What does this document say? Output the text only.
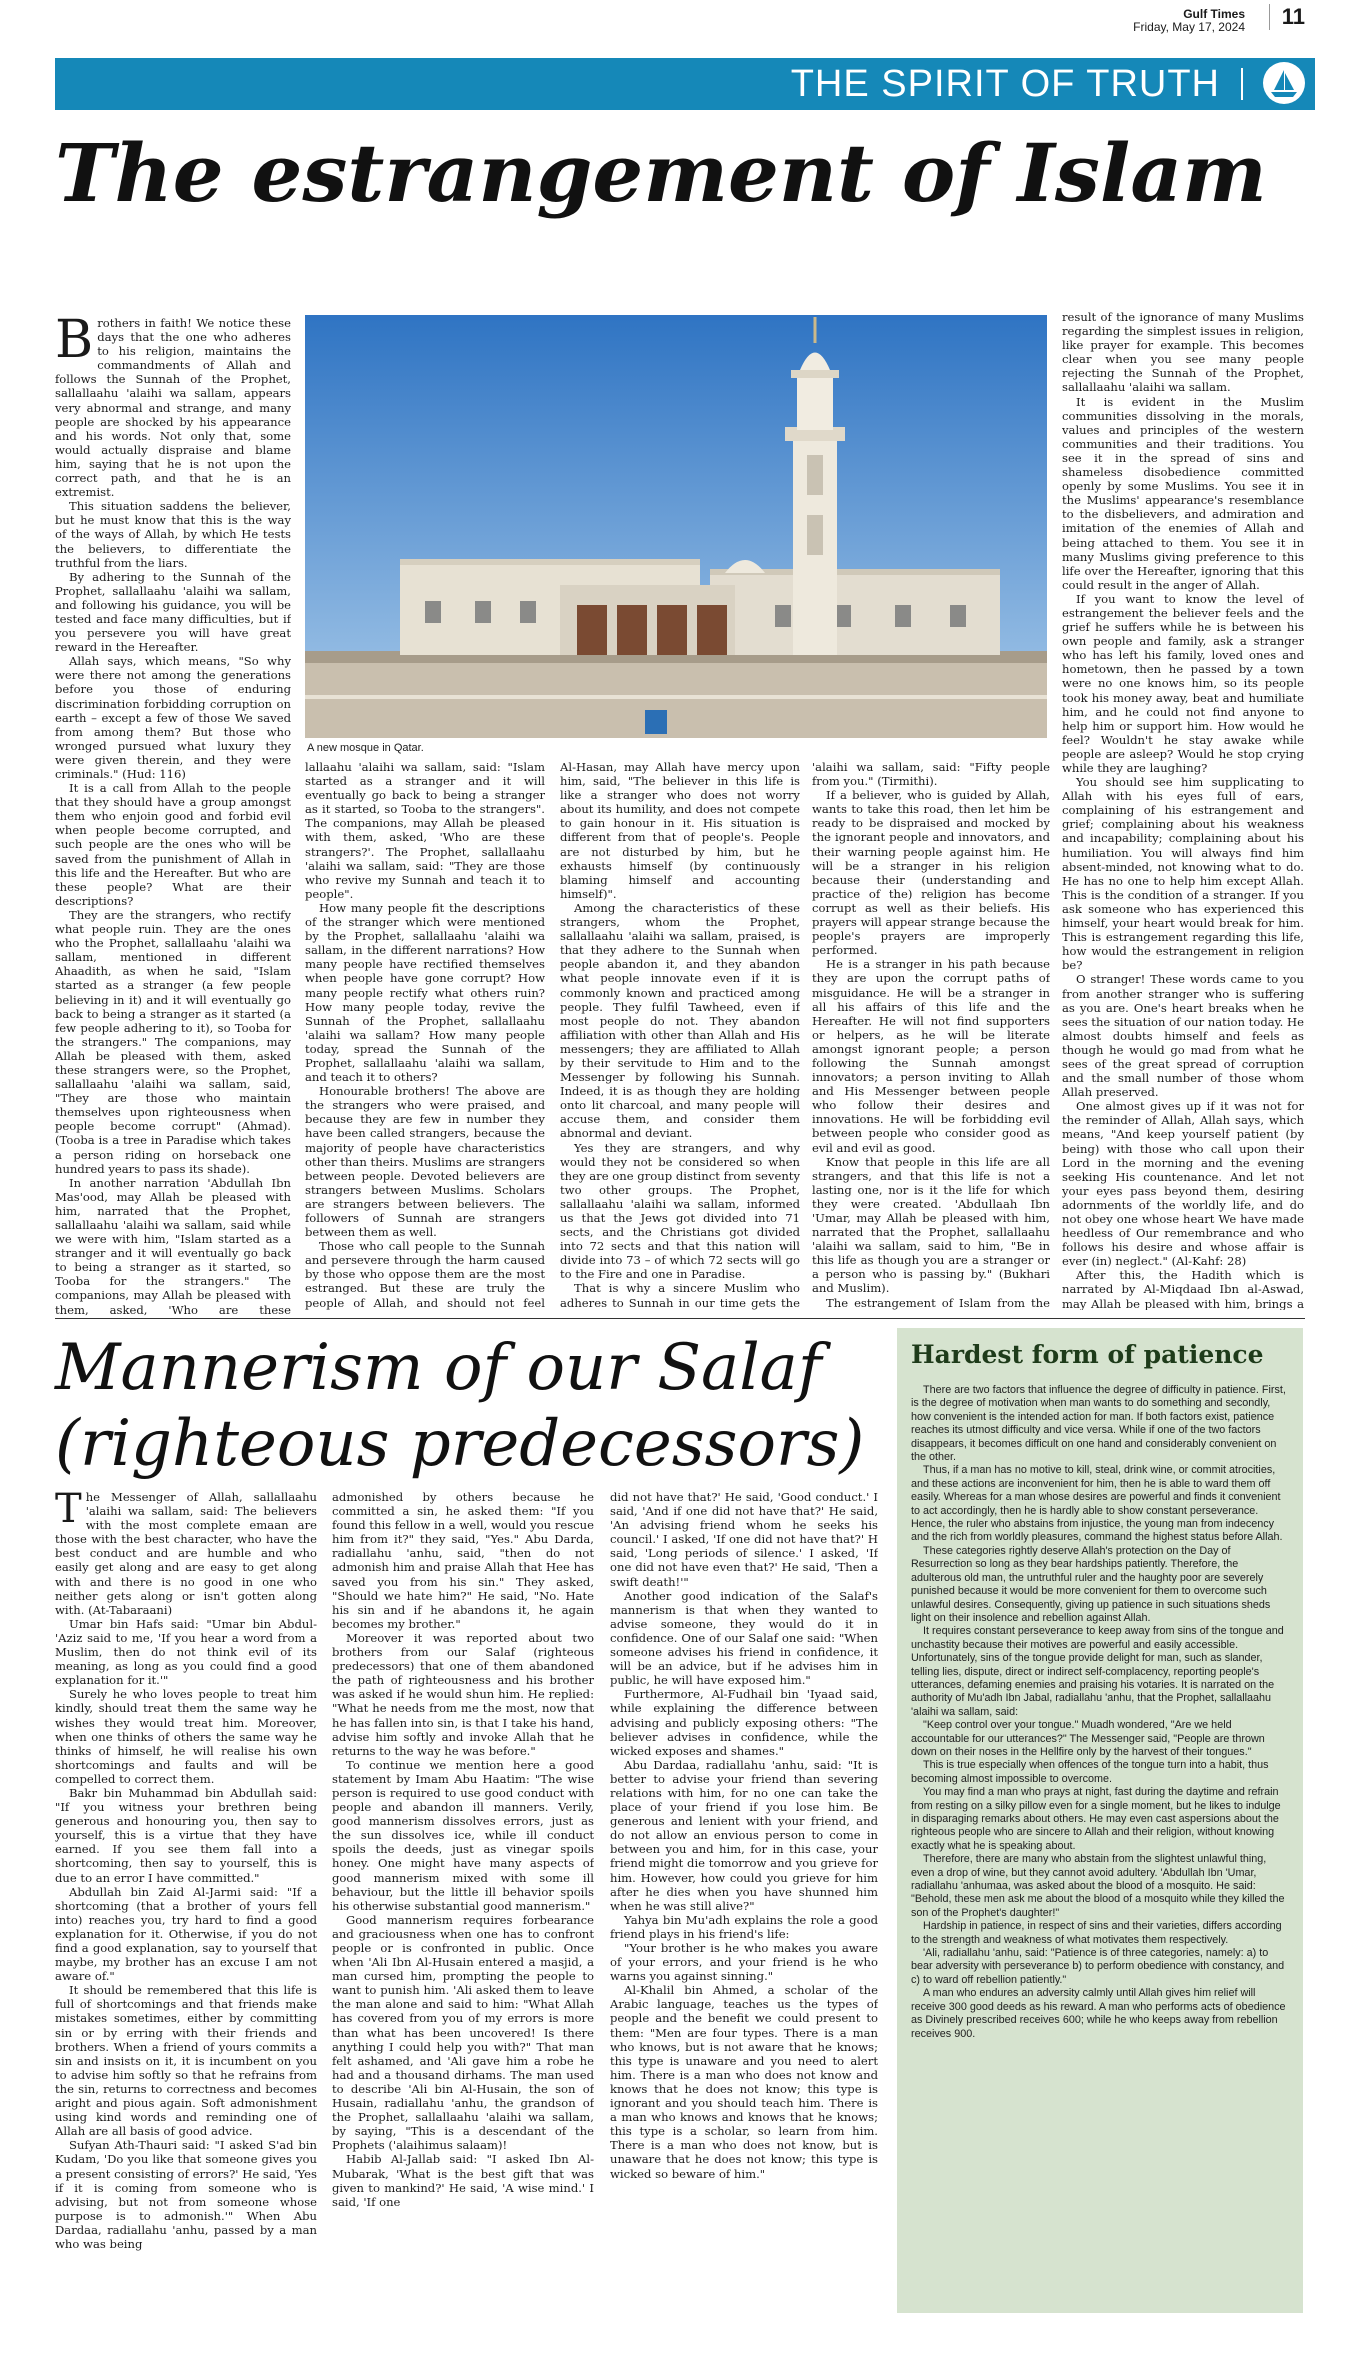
Gulf Times
Friday, May 17, 2024	11
THE SPIRIT OF TRUTH
The estrangement of Islam

Brothers in faith! We notice these days that the one who adheres to his religion, maintains the commandments of Allah and follows the Sunnah of the Prophet, sallallaahu 'alaihi wa sallam, appears very abnormal and strange, and many people are shocked by his appearance and his words. Not only that, some would actually dispraise and blame him, saying that he is not upon the correct path, and that he is an extremist.

This situation saddens the believer, but he must know that this is the way of the ways of Allah, by which He tests the believers, to differentiate the truthful from the liars.

By adhering to the Sunnah of the Prophet, sallallaahu 'alaihi wa sallam, and following his guidance, you will be tested and face many difficulties, but if you persevere you will have great reward in the Hereafter.

Allah says, which means, "So why were there not among the generations before you those of enduring discrimination forbidding corruption on earth – except a few of those We saved from among them? But those who wronged pursued what luxury they were given therein, and they were criminals." (Hud: 116)

It is a call from Allah to the people that they should have a group amongst them who enjoin good and forbid evil when people become corrupted, and such people are the ones who will be saved from the punishment of Allah in this life and the Hereafter. But who are these people? What are their descriptions?

They are the strangers, who rectify what people ruin. They are the ones who the Prophet, sallallaahu 'alaihi wa sallam, mentioned in different Ahaadith, as when he said, "Islam started as a stranger (a few people believing in it) and it will eventually go back to being a stranger as it started (a few people adhering to it), so Tooba for the strangers." The companions, may Allah be pleased with them, asked these strangers were, so the Prophet, sallallaahu 'alaihi wa sallam, said, "They are those who maintain themselves upon righteousness when people become corrupt" (Ahmad). (Tooba is a tree in Paradise which takes a person riding on horseback one hundred years to pass its shade).

In another narration 'Abdullah Ibn Mas'ood, may Allah be pleased with him, narrated that the Prophet, sallallaahu 'alaihi wa sallam, said while we were with him, "Islam started as a stranger and it will eventually go back to being a stranger as it started, so Tooba for the strangers." The companions, may Allah be pleased with them, asked, 'Who are these

A new mosque in Qatar.

lallaahu 'alaihi wa sallam, said: "Islam started as a stranger and it will eventually go back to being a stranger as it started, so Tooba to the strangers". The companions, may Allah be pleased with them, asked, 'Who are these strangers?'. The Prophet, sallallaahu 'alaihi wa sallam, said: "They are those who revive my Sunnah and teach it to people".

How many people fit the descriptions of the stranger which were mentioned by the Prophet, sallallaahu 'alaihi wa sallam, in the different narrations? How many people have rectified themselves when people have gone corrupt? How many people rectify what others ruin? How many people today, revive the Sunnah of the Prophet, sallallaahu 'alaihi wa sallam? How many people today, spread the Sunnah of the Prophet, sallallaahu 'alaihi wa sallam, and teach it to others?

Honourable brothers! The above are the strangers who were praised, and because they are few in number they have been called strangers, because the majority of people have characteristics other than theirs. Muslims are strangers between people. Devoted believers are strangers between Muslims. Scholars are strangers between believers. The followers of Sunnah are strangers between them as well.

Those who call people to the Sunnah and persevere through the harm caused by those who oppose them are the most estranged. But these are truly the people of Allah, and should not feel

Al-Hasan, may Allah have mercy upon him, said, "The believer in this life is like a stranger who does not worry about its humility, and does not compete to gain honour in it. His situation is different from that of people's. People are not disturbed by him, but he exhausts himself (by continuously blaming himself and accounting himself)".

Among the characteristics of these strangers, whom the Prophet, sallallaahu 'alaihi wa sallam, praised, is that they adhere to the Sunnah when people abandon it, and they abandon what people innovate even if it is commonly known and practiced among people. They fulfil Tawheed, even if most people do not. They abandon affiliation with other than Allah and His messengers; they are affiliated to Allah by their servitude to Him and to the Messenger by following his Sunnah. Indeed, it is as though they are holding onto lit charcoal, and many people will accuse them, and consider them abnormal and deviant.

Yes they are strangers, and why would they not be considered so when they are one group distinct from seventy two other groups. The Prophet, sallallaahu 'alaihi wa sallam, informed us that the Jews got divided into 71 sects, and the Christians got divided into 72 sects and that this nation will divide into 73 – of which 72 sects will go to the Fire and one in Paradise.

That is why a sincere Muslim who adheres to Sunnah in our time gets the

'alaihi wa sallam, said: "Fifty people from you." (Tirmithi).

If a believer, who is guided by Allah, wants to take this road, then let him be ready to be dispraised and mocked by the ignorant people and innovators, and their warning people against him. He will be a stranger in his religion because their (understanding and practice of the) religion has become corrupt as well as their beliefs. His prayers will appear strange because the people's prayers are improperly performed.

He is a stranger in his path because they are upon the corrupt paths of misguidance. He will be a stranger in all his affairs of this life and the Hereafter. He will not find supporters or helpers, as he will be literate amongst ignorant people; a person following the Sunnah amongst innovators; a person inviting to Allah and His Messenger between people who follow their desires and innovations. He will be forbidding evil between people who consider good as evil and evil as good.

Know that people in this life are all strangers, and that this life is not a lasting one, nor is it the life for which they were created. 'Abdullaah Ibn 'Umar, may Allah be pleased with him, narrated that the Prophet, sallallaahu 'alaihi wa sallam, said to him, "Be in this life as though you are a stranger or a person who is passing by." (Bukhari and Muslim).

The estrangement of Islam from the

result of the ignorance of many Muslims regarding the simplest issues in religion, like prayer for example. This becomes clear when you see many people rejecting the Sunnah of the Prophet, sallallaahu 'alaihi wa sallam.

It is evident in the Muslim communities dissolving in the morals, values and principles of the western communities and their traditions. You see it in the spread of sins and shameless disobedience committed openly by some Muslims. You see it in the Muslims' appearance's resemblance to the disbelievers, and admiration and imitation of the enemies of Allah and being attached to them. You see it in many Muslims giving preference to this life over the Hereafter, ignoring that this could result in the anger of Allah.

If you want to know the level of estrangement the believer feels and the grief he suffers while he is between his own people and family, ask a stranger who has left his family, loved ones and hometown, then he passed by a town were no one knows him, so its people took his money away, beat and humiliate him, and he could not find anyone to help him or support him. How would he feel? Wouldn't he stay awake while people are asleep? Would he stop crying while they are laughing?

You should see him supplicating to Allah with his eyes full of ears, complaining of his estrangement and grief; complaining about his weakness and incapability; complaining about his humiliation. You will always find him absent-minded, not knowing what to do. He has no one to help him except Allah. This is the condition of a stranger. If you ask someone who has experienced this himself, your heart would break for him. This is estrangement regarding this life, how would the estrangement in religion be?

O stranger! These words came to you from another stranger who is suffering as you are. One's heart breaks when he sees the situation of our nation today. He almost doubts himself and feels as though he would go mad from what he sees of the great spread of corruption and the small number of those whom Allah preserved.

One almost gives up if it was not for the reminder of Allah, Allah says, which means, "And keep yourself patient (by being) with those who call upon their Lord in the morning and the evening seeking His countenance. And let not your eyes pass beyond them, desiring adornments of the worldly life, and do not obey one whose heart We have made heedless of Our remembrance and who follows his desire and whose affair is ever (in) neglect." (Al-Kahf: 28)

After this, the Hadith which is narrated by Al-Miqdaad Ibn al-Aswad, may Allah be pleased with him, brings a

Mannerism of our Salaf
(righteous predecessors)

The Messenger of Allah, sallallaahu 'alaihi wa sallam, said: The believers with the most complete emaan are those with the best character, who have the best conduct and are humble and who easily get along and are easy to get along with and there is no good in one who neither gets along or isn't gotten along with. (At-Tabaraani)

Umar bin Hafs said: "Umar bin Abdul-'Aziz said to me, 'If you hear a word from a Muslim, then do not think evil of its meaning, as long as you could find a good explanation for it.'"

Surely he who loves people to treat him kindly, should treat them the same way he wishes they would treat him. Moreover, when one thinks of others the same way he thinks of himself, he will realise his own shortcomings and faults and will be compelled to correct them.

Bakr bin Muhammad bin Abdullah said: "If you witness your brethren being generous and honouring you, then say to yourself, this is a virtue that they have earned. If you see them fall into a shortcoming, then say to yourself, this is due to an error I have committed."

Abdullah bin Zaid Al-Jarmi said: "If a shortcoming (that a brother of yours fell into) reaches you, try hard to find a good explanation for it. Otherwise, if you do not find a good explanation, say to yourself that maybe, my brother has an excuse I am not aware of."

It should be remembered that this life is full of shortcomings and that friends make mistakes sometimes, either by committing sin or by erring with their friends and brothers. When a friend of yours commits a sin and insists on it, it is incumbent on you to advise him softly so that he refrains from the sin, returns to correctness and becomes aright and pious again. Soft admonishment using kind words and reminding one of Allah are all basis of good advice.

Sufyan Ath-Thauri said: "I asked S'ad bin Kudam, 'Do you like that someone gives you a present consisting of errors?' He said, 'Yes if it is coming from someone who is advising, but not from someone whose purpose is to admonish.'" When Abu Dardaa, radiallahu 'anhu, passed by a man who was being

admonished by others because he committed a sin, he asked them: "If you found this fellow in a well, would you rescue him from it?" they said, "Yes." Abu Darda, radiallahu 'anhu, said, "then do not admonish him and praise Allah that Hee has saved you from his sin." They asked, "Should we hate him?" He said, "No. Hate his sin and if he abandons it, he again becomes my brother."

Moreover it was reported about two brothers from our Salaf (righteous predecessors) that one of them abandoned the path of righteousness and his brother was asked if he would shun him. He replied: "What he needs from me the most, now that he has fallen into sin, is that I take his hand, advise him softly and invoke Allah that he returns to the way he was before."

To continue we mention here a good statement by Imam Abu Haatim: "The wise person is required to use good conduct with people and abandon ill manners. Verily, good mannerism dissolves errors, just as the sun dissolves ice, while ill conduct spoils the deeds, just as vinegar spoils honey. One might have many aspects of good mannerism mixed with some ill behaviour, but the little ill behavior spoils his otherwise substantial good mannerism."

Good mannerism requires forbearance and graciousness when one has to confront people or is confronted in public. Once when 'Ali Ibn Al-Husain entered a masjid, a man cursed him, prompting the people to want to punish him. 'Ali asked them to leave the man alone and said to him: "What Allah has covered from you of my errors is more than what has been uncovered! Is there anything I could help you with?" That man felt ashamed, and 'Ali gave him a robe he had and a thousand dirhams. The man used to describe 'Ali bin Al-Husain, the son of Husain, radiallahu 'anhu, the grandson of the Prophet, sallallaahu 'alaihi wa sallam, by saying, "This is a descendant of the Prophets ('alaihimus salaam)!

Habib Al-Jallab said: "I asked Ibn Al-Mubarak, 'What is the best gift that was given to mankind?' He said, 'A wise mind.' I said, 'If one

did not have that?' He said, 'Good conduct.' I said, 'And if one did not have that?' He said, 'An advising friend whom he seeks his council.' I asked, 'If one did not have that?' H said, 'Long periods of silence.' I asked, 'If one did not have even that?' He said, 'Then a swift death!'"

Another good indication of the Salaf's mannerism is that when they wanted to advise someone, they would do it in confidence. One of our Salaf one said: "When someone advises his friend in confidence, it will be an advice, but if he advises him in public, he will have exposed him."

Furthermore, Al-Fudhail bin 'Iyaad said, while explaining the difference between advising and publicly exposing others: "The believer advises in confidence, while the wicked exposes and shames."

Abu Dardaa, radiallahu 'anhu, said: "It is better to advise your friend than severing relations with him, for no one can take the place of your friend if you lose him. Be generous and lenient with your friend, and do not allow an envious person to come in between you and him, for in this case, your friend might die tomorrow and you grieve for him. However, how could you grieve for him after he dies when you have shunned him when he was still alive?"

Yahya bin Mu'adh explains the role a good friend plays in his friend's life:

"Your brother is he who makes you aware of your errors, and your friend is he who warns you against sinning."

Al-Khalil bin Ahmed, a scholar of the Arabic language, teaches us the types of people and the benefit we could present to them: "Men are four types. There is a man who knows, but is not aware that he knows; this type is unaware and you need to alert him. There is a man who does not know and knows that he does not know; this type is ignorant and you should teach him. There is a man who knows and knows that he knows; this type is a scholar, so learn from him. There is a man who does not know, but is unaware that he does not know; this type is wicked so beware of him."

Hardest form of patience

There are two factors that influence the degree of difficulty in patience. First, is the degree of motivation when man wants to do something and secondly, how convenient is the intended action for man. If both factors exist, patience reaches its utmost difficulty and vice versa. While if one of the two factors disappears, it becomes difficult on one hand and considerably convenient on the other.

Thus, if a man has no motive to kill, steal, drink wine, or commit atrocities, and these actions are inconvenient for him, then he is able to ward them off easily. Whereas for a man whose desires are powerful and finds it convenient to act accordingly, then he is hardly able to show constant perseverance. Hence, the ruler who abstains from injustice, the young man from indecency and the rich from worldly pleasures, command the highest status before Allah.

These categories rightly deserve Allah's protection on the Day of Resurrection so long as they bear hardships patiently. Therefore, the adulterous old man, the untruthful ruler and the haughty poor are severely punished because it would be more convenient for them to overcome such unlawful desires. Consequently, giving up patience in such situations sheds light on their insolence and rebellion against Allah.

It requires constant perseverance to keep away from sins of the tongue and unchastity because their motives are powerful and easily accessible. Unfortunately, sins of the tongue provide delight for man, such as slander, telling lies, dispute, direct or indirect self-complacency, reporting people's utterances, defaming enemies and praising his votaries. It is narrated on the authority of Mu'adh Ibn Jabal, radiallahu 'anhu, that the Prophet, sallallaahu 'alaihi wa sallam, said:

"Keep control over your tongue." Muadh wondered, "Are we held accountable for our utterances?" The Messenger said, "People are thrown down on their noses in the Hellfire only by the harvest of their tongues."

This is true especially when offences of the tongue turn into a habit, thus becoming almost impossible to overcome.

You may find a man who prays at night, fast during the daytime and refrain from resting on a silky pillow even for a single moment, but he likes to indulge in disparaging remarks about others. He may even cast aspersions about the righteous people who are sincere to Allah and their religion, without knowing exactly what he is speaking about.

Therefore, there are many who abstain from the slightest unlawful thing, even a drop of wine, but they cannot avoid adultery. 'Abdullah Ibn 'Umar, radiallahu 'anhumaa, was asked about the blood of a mosquito. He said: "Behold, these men ask me about the blood of a mosquito while they killed the son of the Prophet's daughter!"

Hardship in patience, in respect of sins and their varieties, differs according to the strength and weakness of what motivates them respectively.

'Ali, radiallahu 'anhu, said: "Patience is of three categories, namely: a) to bear adversity with perseverance b) to perform obedience with constancy, and c) to ward off rebellion patiently."

A man who endures an adversity calmly until Allah gives him relief will receive 300 good deeds as his reward. A man who performs acts of obedience as Divinely prescribed receives 600; while he who keeps away from rebellion receives 900.
